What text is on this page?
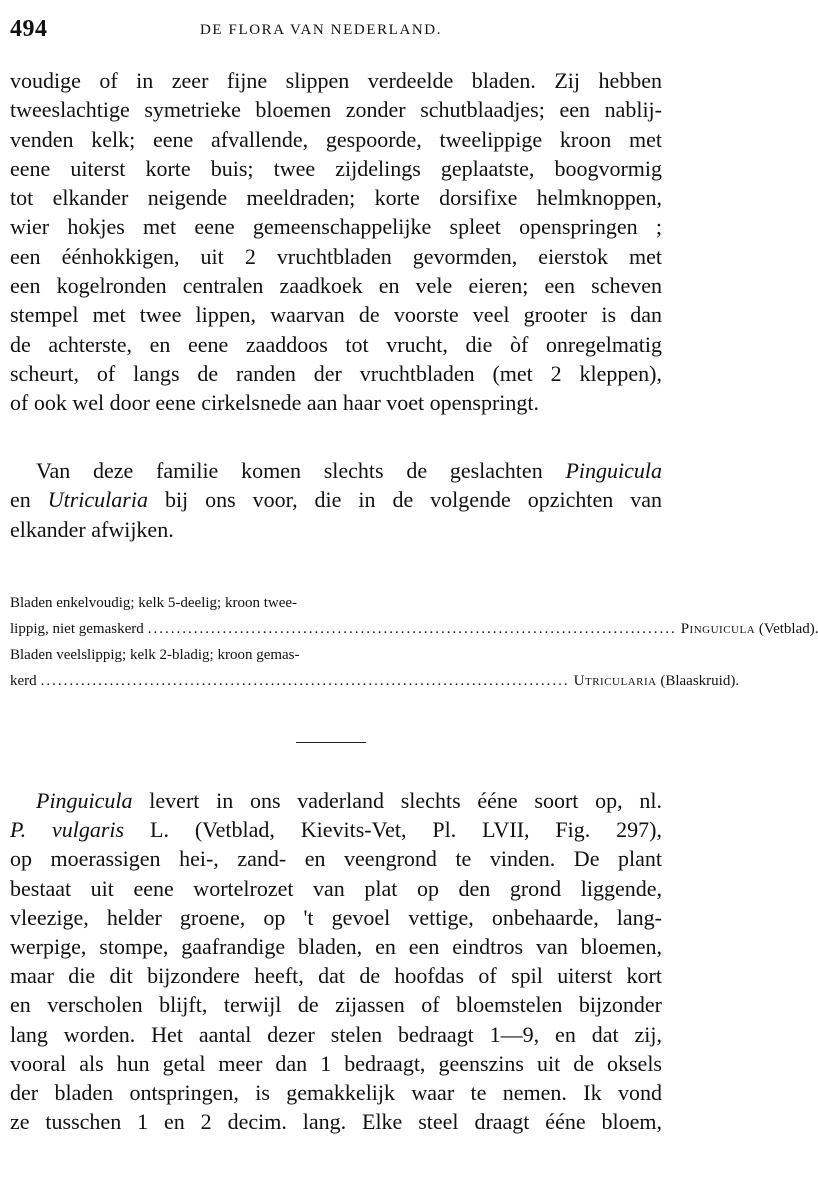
494	DE FLORA VAN NEDERLAND.
voudige of in zeer fijne slippen verdeelde bladen. Zij hebben
tweeslachtige symetrieke bloemen zonder schutblaadjes; een nablij-
venden kelk; eene afvallende, gespoorde, tweelippige kroon met
eene uiterst korte buis; twee zijdelings geplaatste, boogvormig
tot elkander neigende meeldraden; korte dorsifixe helmknoppen,
wier hokjes met eene gemeenschappelijke spleet openspringen ;
een éénhokkigen, uit 2 vruchtbladen gevormden, eierstok met
een kogelronden centralen zaadkoek en vele eieren; een scheven
stempel met twee lippen, waarvan de voorste veel grooter is dan
de achterste, en eene zaaddoos tot vrucht, die òf onregelmatig
scheurt, of langs de randen der vruchtbladen (met 2 kleppen),
of ook wel door eene cirkelsnede aan haar voet openspringt.
Van deze familie komen slechts de geslachten Pinguicula
en Utricularia bij ons voor, die in de volgende opzichten van
elkander afwijken.
Bladen enkelvoudig; kelk 5-deelig; kroon twee-
lippig, niet gemaskerd ............................................................................................ Pinguicula (Vetblad).
Bladen veelslippig; kelk 2-bladig; kroon gemas-
kerd ............................................................................................ Utricularia (Blaaskruid).
Pinguicula levert in ons vaderland slechts ééne soort op, nl.
P. vulgaris L. (Vetblad, Kievits-Vet, Pl. LVII, Fig. 297),
op moerassigen hei-, zand- en veengrond te vinden. De plant
bestaat uit eene wortelrozet van plat op den grond liggende,
vleezige, helder groene, op 't gevoel vettige, onbehaarde, lang-
werpige, stompe, gaafrandige bladen, en een eindtros van bloemen,
maar die dit bijzondere heeft, dat de hoofdas of spil uiterst kort
en verscholen blijft, terwijl de zijassen of bloemstelen bijzonder
lang worden. Het aantal dezer stelen bedraagt 1—9, en dat zij,
vooral als hun getal meer dan 1 bedraagt, geenszins uit de oksels
der bladen ontspringen, is gemakkelijk waar te nemen. Ik vond
ze tusschen 1 en 2 decim. lang. Elke steel draagt ééne bloem,
